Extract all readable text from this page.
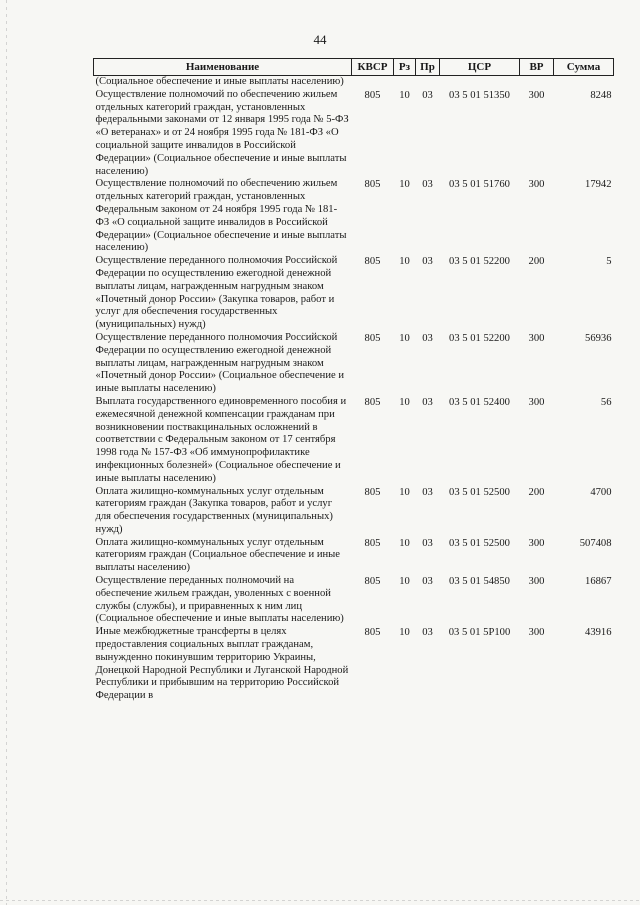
44
Наименование	КВСР	Рз	Пр	ЦСР	ВР	Сумма
(Социальное обеспечение и иные выплаты населению)						
Осуществление полномочий по обеспечению жильем отдельных категорий граждан, установленных федеральными законами от 12 января 1995 года № 5-ФЗ «О ветеранах» и от 24 ноября 1995 года № 181-ФЗ «О социальной защите инвалидов в Российской Федерации» (Социальное обеспечение и иные выплаты населению)	805	10	03	03 5 01 51350	300	8248
Осуществление полномочий по обеспечению жильем отдельных категорий граждан, установленных Федеральным законом от 24 ноября 1995 года № 181-ФЗ «О социальной защите инвалидов в Российской Федерации» (Социальное обеспечение и иные выплаты населению)	805	10	03	03 5 01 51760	300	17942
Осуществление переданного полномочия Российской Федерации по осуществлению ежегодной денежной выплаты лицам, награжденным нагрудным знаком «Почетный донор России» (Закупка товаров, работ и услуг для обеспечения государственных (муниципальных) нужд)	805	10	03	03 5 01 52200	200	5
Осуществление переданного полномочия Российской Федерации по осуществлению ежегодной денежной выплаты лицам, награжденным нагрудным знаком «Почетный донор России» (Социальное обеспечение и иные выплаты населению)	805	10	03	03 5 01 52200	300	56936
Выплата государственного единовременного пособия и ежемесячной денежной компенсации гражданам при возникновении поствакцинальных осложнений в соответствии с Федеральным законом от 17 сентября 1998 года № 157-ФЗ «Об иммунопрофилактике инфекционных болезней» (Социальное обеспечение и иные выплаты населению)	805	10	03	03 5 01 52400	300	56
Оплата жилищно-коммунальных услуг отдельным категориям граждан (Закупка товаров, работ и услуг для обеспечения государственных (муниципальных) нужд)	805	10	03	03 5 01 52500	200	4700
Оплата жилищно-коммунальных услуг отдельным категориям граждан (Социальное обеспечение и иные выплаты населению)	805	10	03	03 5 01 52500	300	507408
Осуществление переданных полномочий на обеспечение жильем граждан, уволенных с военной службы (службы), и приравненных к ним лиц (Социальное обеспечение и иные выплаты населению)	805	10	03	03 5 01 54850	300	16867
Иные межбюджетные трансферты в целях предоставления социальных выплат гражданам, вынужденно покинувшим территорию Украины, Донецкой Народной Республики и Луганской Народной Республики и прибывшим на территорию Российской Федерации в	805	10	03	03 5 01 5Р100	300	43916
